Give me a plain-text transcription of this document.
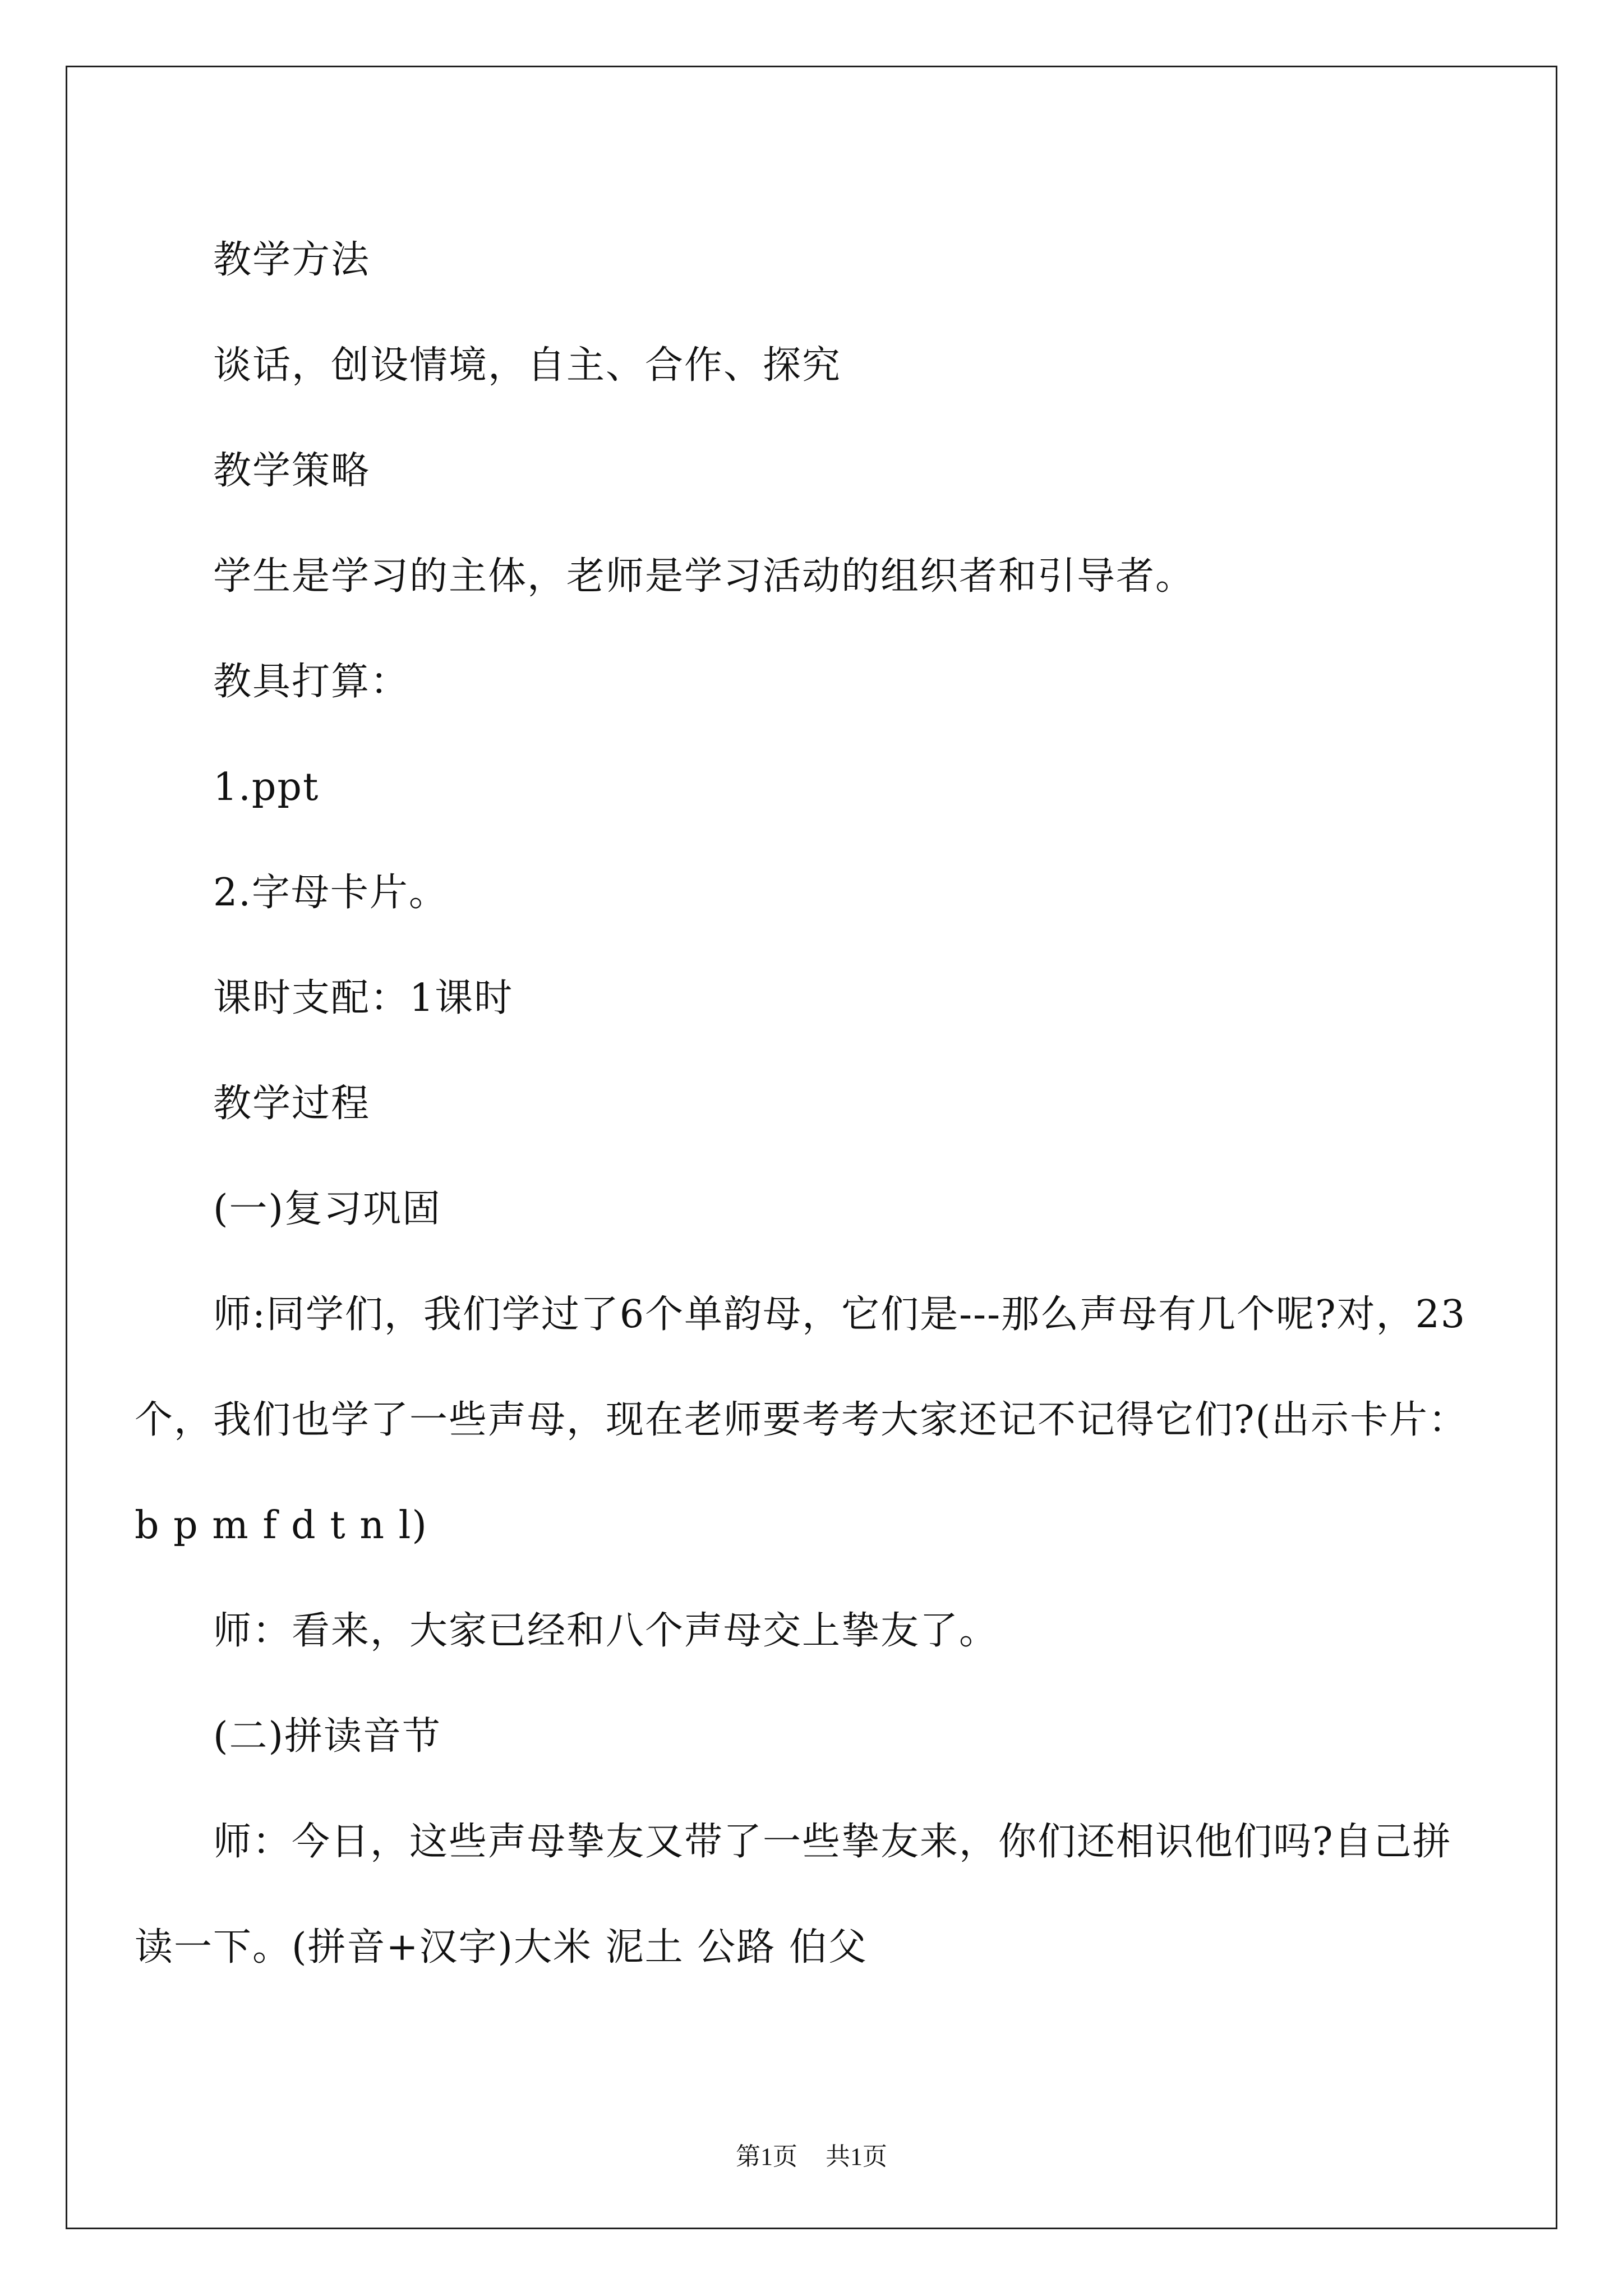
教学方法

谈话，创设情境，自主、合作、探究

教学策略

学生是学习的主体，老师是学习活动的组织者和引导者。

教具打算：

1.ppt

2.字母卡片。

课时支配：1课时

教学过程

(一)复习巩固

师:同学们，我们学过了6个单韵母，它们是---那么声母有几个呢?对，23个，我们也学了一些声母，现在老师要考考大家还记不记得它们?(出示卡片：b p m f d t n l)

师：看来，大家已经和八个声母交上挚友了。

(二)拼读音节

师：今日，这些声母挚友又带了一些挚友来，你们还相识他们吗?自己拼读一下。(拼音+汉字)大米 泥土 公路 伯父

第1页 共1页
